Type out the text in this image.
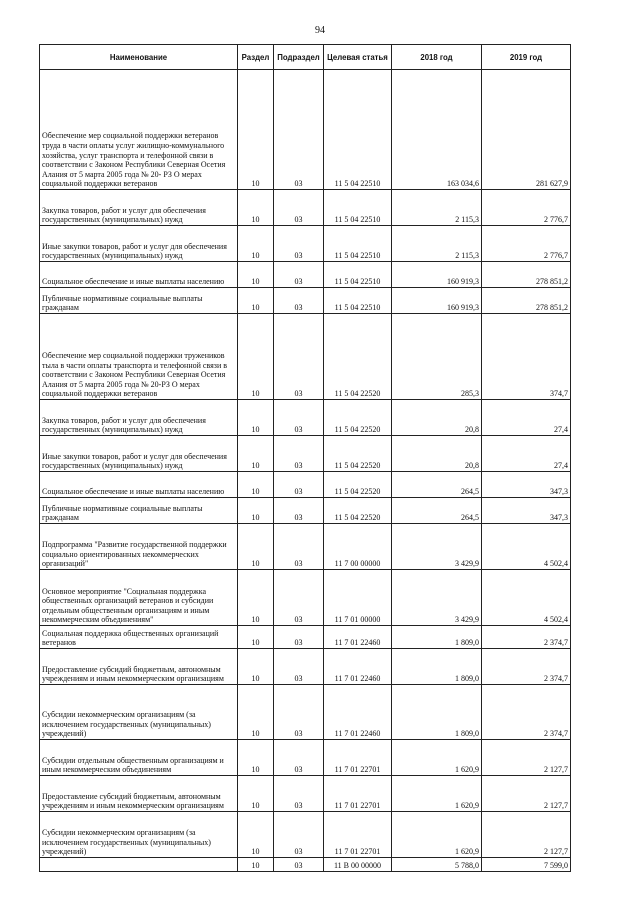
94
Наименование	Раздел	Подраздел	Целевая статья	2018 год	2019 год
Обеспечение мер социальной поддержки ветеранов труда в части оплаты услуг жилищно-коммунального хозяйства, услуг транспорта и телефонной связи в соответствии с Законом Республики Северная Осетия Алания от 5 марта 2005 года № 20- РЗ О мерах социальной поддержки ветеранов	10	03	11 5 04 22510	163 034,6	281 627,9
Закупка товаров, работ и услуг для обеспечения государственных (муниципальных) нужд	10	03	11 5 04 22510	2 115,3	2 776,7
Иные закупки товаров, работ и услуг для обеспечения государственных (муниципальных) нужд	10	03	11 5 04 22510	2 115,3	2 776,7
Социальное обеспечение и иные выплаты населению	10	03	11 5 04 22510	160 919,3	278 851,2
Публичные нормативные социальные выплаты гражданам	10	03	11 5 04 22510	160 919,3	278 851,2
Обеспечение мер социальной поддержки тружеников тыла в части оплаты транспорта и телефонной связи в соответствии с Законом Республики Северная Осетия Алания от 5 марта 2005 года № 20-РЗ О мерах социальной поддержки ветеранов	10	03	11 5 04 22520	285,3	374,7
Закупка товаров, работ и услуг для обеспечения государственных (муниципальных) нужд	10	03	11 5 04 22520	20,8	27,4
Иные закупки товаров, работ и услуг для обеспечения государственных (муниципальных) нужд	10	03	11 5 04 22520	20,8	27,4
Социальное обеспечение и иные выплаты населению	10	03	11 5 04 22520	264,5	347,3
Публичные нормативные социальные выплаты гражданам	10	03	11 5 04 22520	264,5	347,3
Подпрограмма "Развитие государственной поддержки социально ориентированных некоммерческих организаций"	10	03	11 7 00 00000	3 429,9	4 502,4
Основное мероприятие "Социальная поддержка общественных организаций ветеранов и субсидии отдельным общественным организациям и иным некоммерческим объединениям"	10	03	11 7 01 00000	3 429,9	4 502,4
Социальная поддержка общественных организаций ветеранов	10	03	11 7 01 22460	1 809,0	2 374,7
Предоставление субсидий бюджетным, автономным учреждениям и иным некоммерческим организациям	10	03	11 7 01 22460	1 809,0	2 374,7
Субсидии некоммерческим организациям (за исключением государственных (муниципальных) учреждений)	10	03	11 7 01 22460	1 809,0	2 374,7
Субсидии отдельным общественным организациям и иным некоммерческим объединениям	10	03	11 7 01 22701	1 620,9	2 127,7
Предоставление субсидий бюджетным, автономным учреждениям и иным некоммерческим организациям	10	03	11 7 01 22701	1 620,9	2 127,7
Субсидии некоммерческим организациям (за исключением государственных (муниципальных) учреждений)	10	03	11 7 01 22701	1 620,9	2 127,7
	10	03	11 В 00 00000	5 788,0	7 599,0
